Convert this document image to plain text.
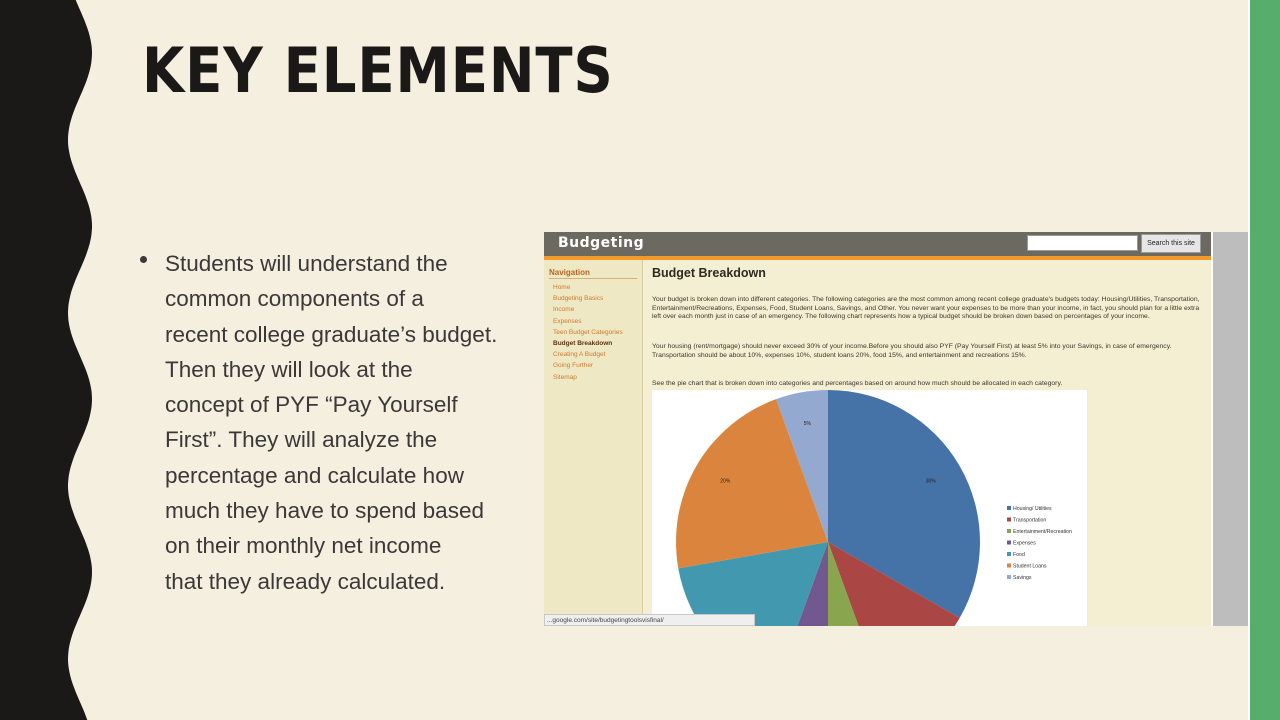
KEY ELEMENTS
Students will understand the
common components of a
recent college graduate’s budget.
Then they will look at the
concept of PYF “Pay Yourself
First”. They will analyze the
percentage and calculate how
much they have to spend based
on their monthly net income
that they already calculated.
Budgeting	Search this site
Navigation
Home
Budgeting Basics
Income
Expenses
Teen Budget Categories
Budget Breakdown
Creating A Budget
Going Further
Sitemap
Budget Breakdown
Your budget is broken down into different categories. The following categories are the most common among recent college graduate's budgets today: Housing/Utilities, Transportation, Entertainment/Recreations, Expenses, Food, Student Loans, Savings, and Other. You never want your expenses to be more than your income, in fact, you should plan for a little extra left over each month just in case of an emergency. The following chart represents how a typical budget should be broken down based on percentages of your income.
Your housing (rent/mortgage) should never exceed 30% of your income.Before you should also PYF (Pay Yourself First) at least 5% into your Savings, in case of emergency. Transportation should be about 10%, expenses 10%, student loans 20%, food 15%, and entertainment and recreations 15%.
See the pie chart that is broken down into categories and percentages based on around how much should be allocated in each category.
30%
20%
5%
Housing/ Utilities
Transportation
Entertainment/Recreation
Expenses
Food
Student Loans
Savings
...google.com/site/budgetingtoolsvisfinal/
